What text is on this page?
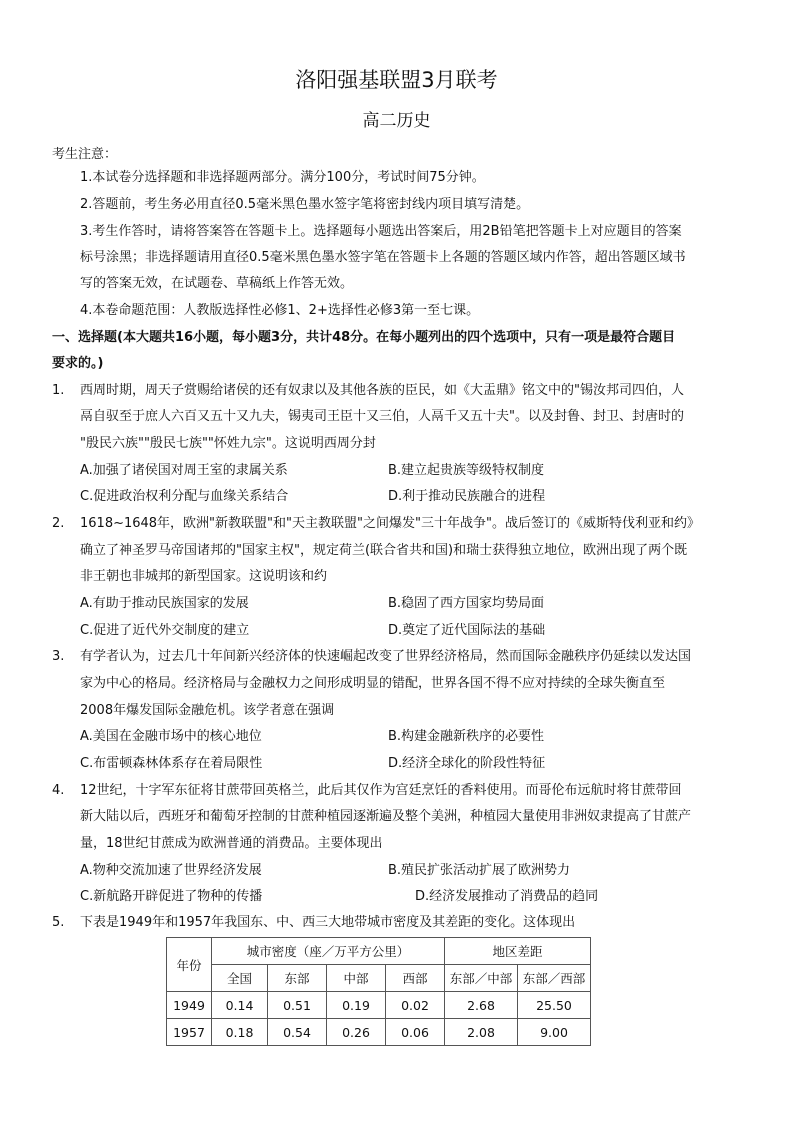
洛阳强基联盟3月联考
高二历史
考生注意：
1.本试卷分选择题和非选择题两部分。满分100分，考试时间75分钟。
2.答题前，考生务必用直径0.5毫米黑色墨水签字笔将密封线内项目填写清楚。
3.考生作答时，请将答案答在答题卡上。选择题每小题选出答案后，用2B铅笔把答题卡上对应题目的答案
标号涂黑；非选择题请用直径0.5毫米黑色墨水签字笔在答题卡上各题的答题区域内作答，超出答题区域书
写的答案无效，在试题卷、草稿纸上作答无效。
4.本卷命题范围：人教版选择性必修1、2+选择性必修3第一至七课。
一、选择题(本大题共16小题，每小题3分，共计48分。在每小题列出的四个选项中，只有一项是最符合题目
要求的。)
1. 西周时期，周天子赏赐给诸侯的还有奴隶以及其他各族的臣民，如《大盂鼎》铭文中的"锡汝邦司四伯，人
鬲自驭至于庶人六百又五十又九夫，锡夷司王臣十又三伯，人鬲千又五十夫"。以及封鲁、封卫、封唐时的
"殷民六族""殷民七族""怀姓九宗"。这说明西周分封
A.加强了诸侯国对周王室的隶属关系	B.建立起贵族等级特权制度
C.促进政治权利分配与血缘关系结合	D.利于推动民族融合的进程
2. 1618~1648年，欧洲"新教联盟"和"天主教联盟"之间爆发"三十年战争"。战后签订的《威斯特伐利亚和约》
确立了神圣罗马帝国诸邦的"国家主权"，规定荷兰(联合省共和国)和瑞士获得独立地位，欧洲出现了两个既
非王朝也非城邦的新型国家。这说明该和约
A.有助于推动民族国家的发展	B.稳固了西方国家均势局面
C.促进了近代外交制度的建立	D.奠定了近代国际法的基础
3. 有学者认为，过去几十年间新兴经济体的快速崛起改变了世界经济格局，然而国际金融秩序仍延续以发达国
家为中心的格局。经济格局与金融权力之间形成明显的错配，世界各国不得不应对持续的全球失衡直至
2008年爆发国际金融危机。该学者意在强调
A.美国在金融市场中的核心地位	B.构建金融新秩序的必要性
C.布雷顿森林体系存在着局限性	D.经济全球化的阶段性特征
4. 12世纪，十字军东征将甘蔗带回英格兰，此后其仅作为宫廷烹饪的香料使用。而哥伦布远航时将甘蔗带回
新大陆以后，西班牙和葡萄牙控制的甘蔗种植园逐渐遍及整个美洲，种植园大量使用非洲奴隶提高了甘蔗产
量，18世纪甘蔗成为欧洲普通的消费品。主要体现出
A.物种交流加速了世界经济发展	B.殖民扩张活动扩展了欧洲势力
C.新航路开辟促进了物种的传播	D.经济发展推动了消费品的趋同
5. 下表是1949年和1957年我国东、中、西三大地带城市密度及其差距的变化。这体现出
年份	城市密度（座／万平方公里）				地区差距	
	全国	东部	中部	西部	东部／中部	东部／西部
1949	0.14	0.51	0.19	0.02	2.68	25.50
1957	0.18	0.54	0.26	0.06	2.08	9.00
